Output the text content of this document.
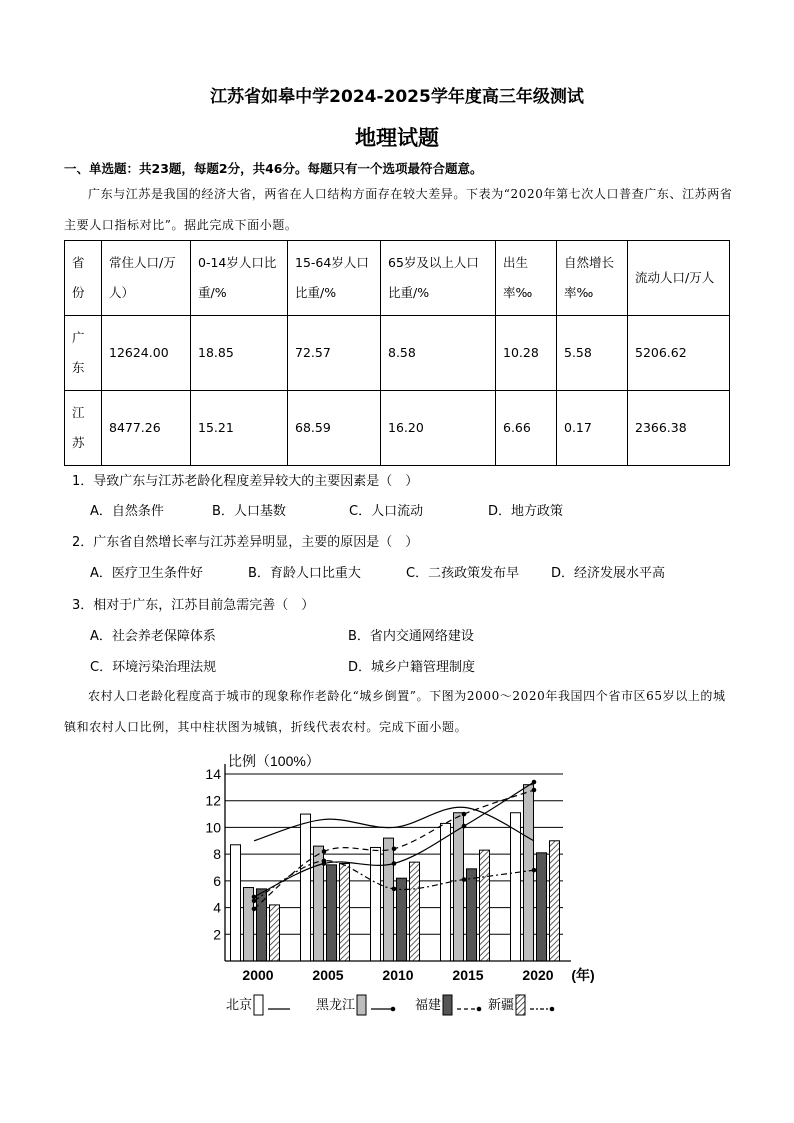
江苏省如皋中学2024-2025学年度高三年级测试
地理试题
一、单选题：共23题，每题2分，共46分。每题只有一个选项最符合题意。
广东与江苏是我国的经济大省，两省在人口结构方面存在较大差异。下表为“2020年第七次人口普查广东、江苏两省主要人口指标对比”。据此完成下面小题。
省份	常住人口/万人）	0-14岁人口比重/%	15-64岁人口比重/%	65岁及以上人口比重/%	出生率‰	自然增长率‰	流动人口/万人
广东	12624.00	18.85	72.57	8.58	10.28	5.58	5206.62
江苏	8477.26	15.21	68.59	16.20	6.66	0.17	2366.38
1．导致广东与江苏老龄化程度差异较大的主要因素是（　）
A．自然条件	B．人口基数	C．人口流动	D．地方政策
2．广东省自然增长率与江苏差异明显，主要的原因是（　）
A．医疗卫生条件好	B．育龄人口比重大	C．二孩政策发布早 D．经济发展水平高
3．相对于广东，江苏目前急需完善（　）
A．社会养老保障体系	B．省内交通网络建设
C．环境污染治理法规	D．城乡户籍管理制度
农村人口老龄化程度高于城市的现象称作老龄化“城乡倒置”。下图为2000～2020年我国四个省市区65岁以上的城镇和农村人口比例，其中柱状图为城镇，折线代表农村。完成下面小题。
2
4
6
8
10
12
14
比例（100%）
2000	2005	2010	2015	2020 (年)
北京	黑龙江	福建	新疆
